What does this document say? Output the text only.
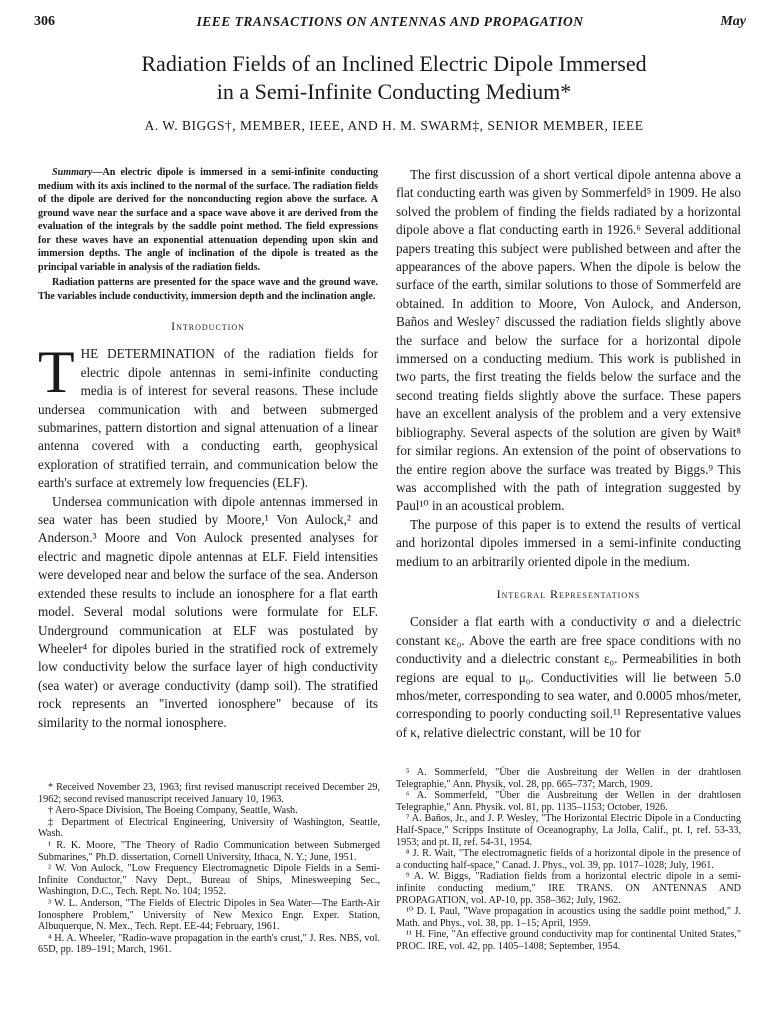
306	IEEE TRANSACTIONS ON ANTENNAS AND PROPAGATION	May
Radiation Fields of an Inclined Electric Dipole Immersed
in a Semi-Infinite Conducting Medium*
A. W. BIGGS†, MEMBER, IEEE, AND H. M. SWARM‡, SENIOR MEMBER, IEEE
Summary—An electric dipole is immersed in a semi-infinite conducting medium with its axis inclined to the normal of the surface. The radiation fields of the dipole are derived for the nonconducting region above the surface. A ground wave near the surface and a space wave above it are derived from the evaluation of the integrals by the saddle point method. The field expressions for these waves have an exponential attenuation depending upon skin and immersion depths. The angle of inclination of the dipole is treated as the principal variable in analysis of the radiation fields.
Radiation patterns are presented for the space wave and the ground wave. The variables include conductivity, immersion depth and the inclination angle.
Introduction

THE DETERMINATION of the radiation fields for electric dipole antennas in semi-infinite conducting media is of interest for several reasons. These include undersea communication with and between submerged submarines, pattern distortion and signal attenuation of a linear antenna covered with a conducting earth, geophysical exploration of stratified terrain, and communication below the earth's surface at extremely low frequencies (ELF).

Undersea communication with dipole antennas immersed in sea water has been studied by Moore,¹ Von Aulock,² and Anderson.³ Moore and Von Aulock presented analyses for electric and magnetic dipole antennas at ELF. Field intensities were developed near and below the surface of the sea. Anderson extended these results to include an ionosphere for a flat earth model. Several modal solutions were formulate for ELF. Underground communication at ELF was postulated by Wheeler⁴ for dipoles buried in the stratified rock of extremely low conductivity below the surface layer of high conductivity (sea water) or average conductivity (damp soil). The stratified rock represents an "inverted ionosphere" because of its similarity to the normal ionosphere.

The first discussion of a short vertical dipole antenna above a flat conducting earth was given by Sommerfeld⁵ in 1909. He also solved the problem of finding the fields radiated by a horizontal dipole above a flat conducting earth in 1926.⁶ Several additional papers treating this subject were published between and after the appearances of the above papers. When the dipole is below the surface of the earth, similar solutions to those of Sommerfeld are obtained. In addition to Moore, Von Aulock, and Anderson, Baños and Wesley⁷ discussed the radiation fields slightly above the surface and below the surface for a horizontal dipole immersed on a conducting medium. This work is published in two parts, the first treating the fields below the surface and the second treating fields slightly above the surface. These papers have an excellent analysis of the problem and a very extensive bibliography. Several aspects of the solution are given by Wait⁸ for similar regions. An extension of the point of observations to the entire region above the surface was treated by Biggs.⁹ This was accomplished with the path of integration suggested by Paul¹⁰ in an acoustical problem.

The purpose of this paper is to extend the results of vertical and horizontal dipoles immersed in a semi-infinite conducting medium to an arbitrarily oriented dipole in the medium.

Integral Representations

Consider a flat earth with a conductivity σ and a dielectric constant κε₀. Above the earth are free space conditions with no conductivity and a dielectric constant ε₀. Permeabilities in both regions are equal to μ₀. Conductivities will lie between 5.0 mhos/meter, corresponding to sea water, and 0.0005 mhos/meter, corresponding to poorly conducting soil.¹¹ Representative values of κ, relative dielectric constant, will be 10 for

* Received November 23, 1963; first revised manuscript received December 29, 1962; second revised manuscript received January 10, 1963.
† Aero-Space Division, The Boeing Company, Seattle, Wash.
‡ Department of Electrical Engineering, University of Washington, Seattle, Wash.
¹ R. K. Moore, "The Theory of Radio Communication between Submerged Submarines," Ph.D. dissertation, Cornell University, Ithaca, N. Y.; June, 1951.
² W. Von Aulock, "Low Frequency Electromagnetic Dipole Fields in a Semi-Infinite Conductor," Navy Dept., Bureau of Ships, Minesweeping Sec., Washington, D.C., Tech. Rept. No. 104; 1952.
³ W. L. Anderson, "The Fields of Electric Dipoles in Sea Water—The Earth-Air Ionosphere Problem," University of New Mexico Engr. Exper. Station, Albuquerque, N. Mex., Tech. Rept. EE-44; February, 1961.
⁴ H. A. Wheeler, "Radio-wave propagation in the earth's crust," J. Res. NBS, vol. 65D, pp. 189–191; March, 1961.
⁵ A. Sommerfeld, "Über die Ausbreitung der Wellen in der drahtlosen Telegraphie," Ann. Physik, vol. 28, pp. 665–737; March, 1909.
⁶ A. Sommerfeld, "Über die Ausbreitung der Wellen in der drahtlosen Telegraphie," Ann. Physik. vol. 81, pp. 1135–1153; October, 1926.
⁷ A. Baños, Jr., and J. P. Wesley, "The Horizontal Electric Dipole in a Conducting Half-Space," Scripps Institute of Oceanography, La Jolla, Calif., pt. I, ref. 53-33, 1953; and pt. II, ref. 54-31, 1954.
⁸ J. R. Wait, "The electromagnetic fields of a horizontal dipole in the presence of a conducting half-space," Canad. J. Phys., vol. 39, pp. 1017–1028; July, 1961.
⁹ A. W. Biggs, "Radiation fields from a horizontal electric dipole in a semi-infinite conducting medium," IRE TRANS. ON ANTENNAS AND PROPAGATION, vol. AP-10, pp. 358–362; July, 1962.
¹⁰ D. I. Paul, "Wave propagation in acoustics using the saddle point method," J. Math. and Phys., vol. 38, pp. 1–15; April, 1959.
¹¹ H. Fine, "An effective ground conductivity map for continental United States," PROC. IRE, vol. 42, pp. 1405–1408; September, 1954.
